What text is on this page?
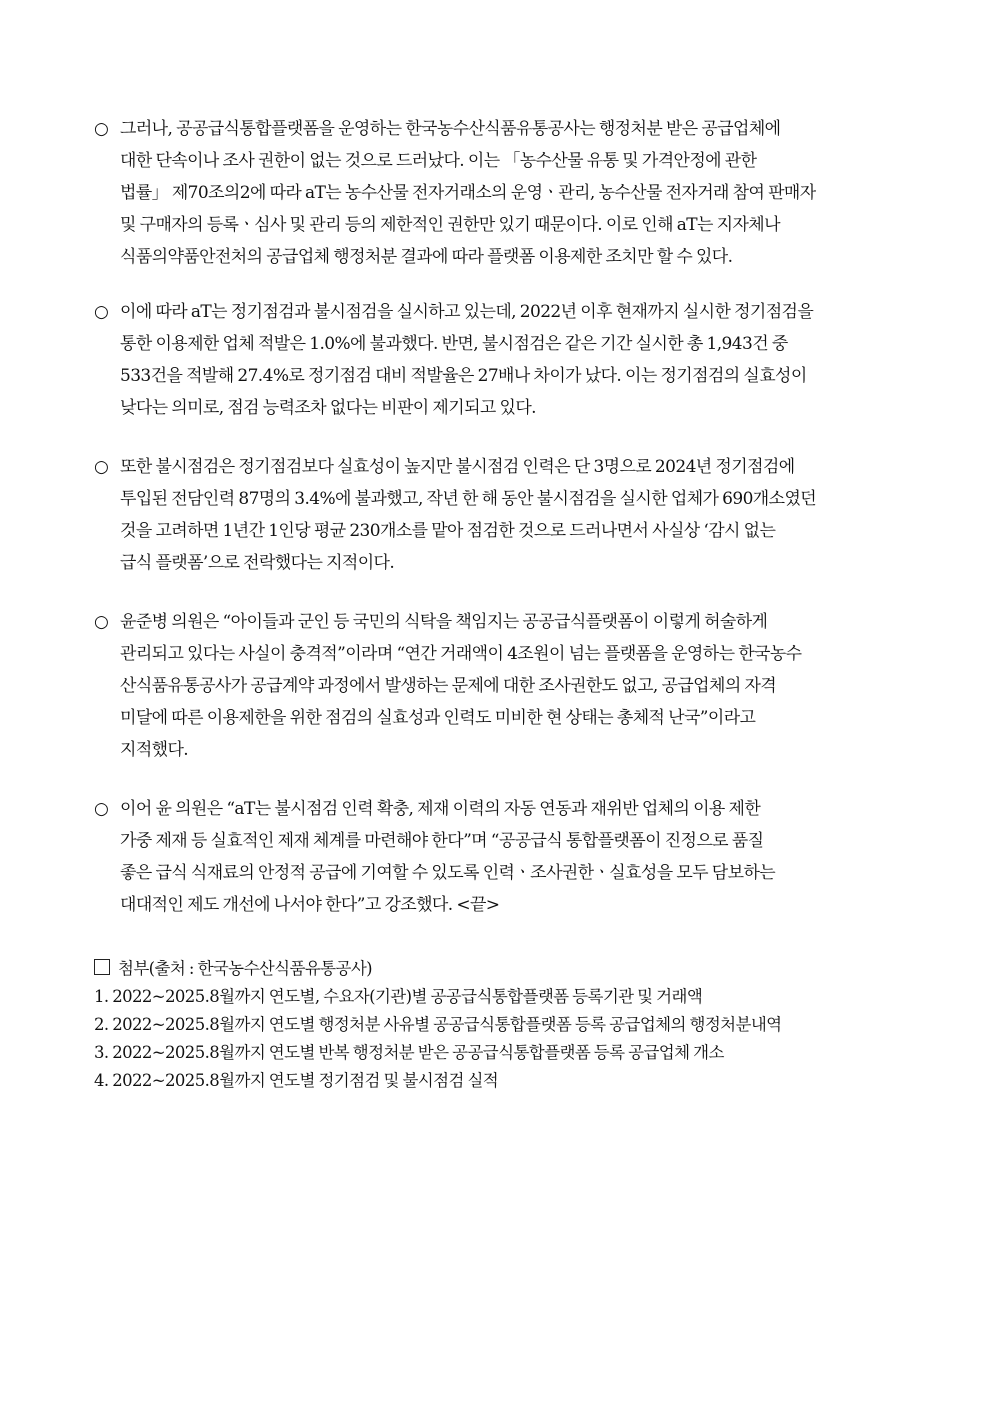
○ 그러나, 공공급식통합플랫폼을 운영하는 한국농수산식품유통공사는 행정처분 받은 공급업체에
대한 단속이나 조사 권한이 없는 것으로 드러났다. 이는 「농수산물 유통 및 가격안정에 관한
법률」 제70조의2에 따라 aT는 농수산물 전자거래소의 운영ㆍ관리, 농수산물 전자거래 참여 판매자
및 구매자의 등록ㆍ심사 및 관리 등의 제한적인 권한만 있기 때문이다. 이로 인해 aT는 지자체나
식품의약품안전처의 공급업체 행정처분 결과에 따라 플랫폼 이용제한 조치만 할 수 있다.
○ 이에 따라 aT는 정기점검과 불시점검을 실시하고 있는데, 2022년 이후 현재까지 실시한 정기점검을
통한 이용제한 업체 적발은 1.0%에 불과했다. 반면, 불시점검은 같은 기간 실시한 총 1,943건 중
533건을 적발해 27.4%로 정기점검 대비 적발율은 27배나 차이가 났다. 이는 정기점검의 실효성이
낮다는 의미로, 점검 능력조차 없다는 비판이 제기되고 있다.
○ 또한 불시점검은 정기점검보다 실효성이 높지만 불시점검 인력은 단 3명으로 2024년 정기점검에
투입된 전담인력 87명의 3.4%에 불과했고, 작년 한 해 동안 불시점검을 실시한 업체가 690개소였던
것을 고려하면 1년간 1인당 평균 230개소를 맡아 점검한 것으로 드러나면서 사실상 ‘감시 없는
급식 플랫폼’으로 전락했다는 지적이다.
○ 윤준병 의원은 “아이들과 군인 등 국민의 식탁을 책임지는 공공급식플랫폼이 이렇게 허술하게
관리되고 있다는 사실이 충격적”이라며 “연간 거래액이 4조원이 넘는 플랫폼을 운영하는 한국농수
산식품유통공사가 공급계약 과정에서 발생하는 문제에 대한 조사권한도 없고, 공급업체의 자격
미달에 따른 이용제한을 위한 점검의 실효성과 인력도 미비한 현 상태는 총체적 난국”이라고
지적했다.
○ 이어 윤 의원은 “aT는 불시점검 인력 확충, 제재 이력의 자동 연동과 재위반 업체의 이용 제한
가중 제재 등 실효적인 제재 체계를 마련해야 한다”며 “공공급식 통합플랫폼이 진정으로 품질
좋은 급식 식재료의 안정적 공급에 기여할 수 있도록 인력ㆍ조사권한ㆍ실효성을 모두 담보하는
대대적인 제도 개선에 나서야 한다”고 강조했다. <끝>
첨부(출처 : 한국농수산식품유통공사)
1. 2022~2025.8월까지 연도별, 수요자(기관)별 공공급식통합플랫폼 등록기관 및 거래액
2. 2022~2025.8월까지 연도별 행정처분 사유별 공공급식통합플랫폼 등록 공급업체의 행정처분내역
3. 2022~2025.8월까지 연도별 반복 행정처분 받은 공공급식통합플랫폼 등록 공급업체 개소
4. 2022~2025.8월까지 연도별 정기점검 및 불시점검 실적
